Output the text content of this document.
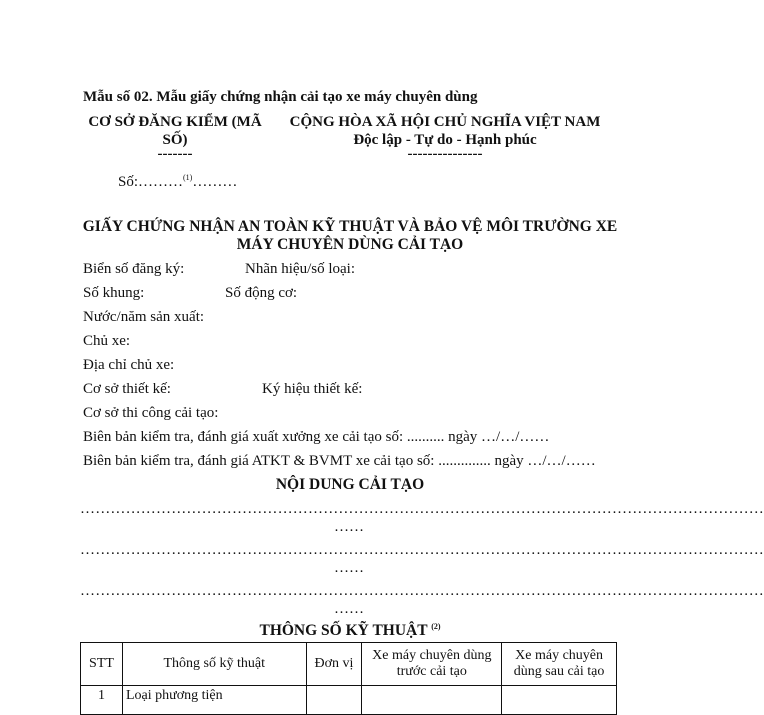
Mẫu số 02. Mẫu giấy chứng nhận cải tạo xe máy chuyên dùng
CƠ SỞ ĐĂNG KIỂM (MÃ
SỐ)
-------
CỘNG HÒA XÃ HỘI CHỦ NGHĨA VIỆT NAM
Độc lập - Tự do - Hạnh phúc
---------------
Số:………$^{(1)}$………
GIẤY CHỨNG NHẬN AN TOÀN KỸ THUẬT VÀ BẢO VỆ MÔI TRƯỜNG XE
MÁY CHUYÊN DÙNG CẢI TẠO
Biển số đăng ký:	Nhãn hiệu/số loại:
Số khung:	Số động cơ:
Nước/năm sản xuất:
Chủ xe:
Địa chỉ chủ xe:
Cơ sở thiết kế:	Ký hiệu thiết kế:
Cơ sở thi công cải tạo:
Biên bản kiểm tra, đánh giá xuất xưởng xe cải tạo số: .......... ngày …/…/……
Biên bản kiểm tra, đánh giá ATKT & BVMT xe cải tạo số: .............. ngày …/…/……
NỘI DUNG CẢI TẠO
………………………………………………………………………………………………………………………
……
………………………………………………………………………………………………………………………
……
………………………………………………………………………………………………………………………
……
THÔNG SỐ KỸ THUẬT $^{(2)}$
STT	Thông số kỹ thuật	Đơn vị	Xe máy chuyên dùng trước cải tạo	Xe máy chuyên dùng sau cải tạo
1	Loại phương tiện			
